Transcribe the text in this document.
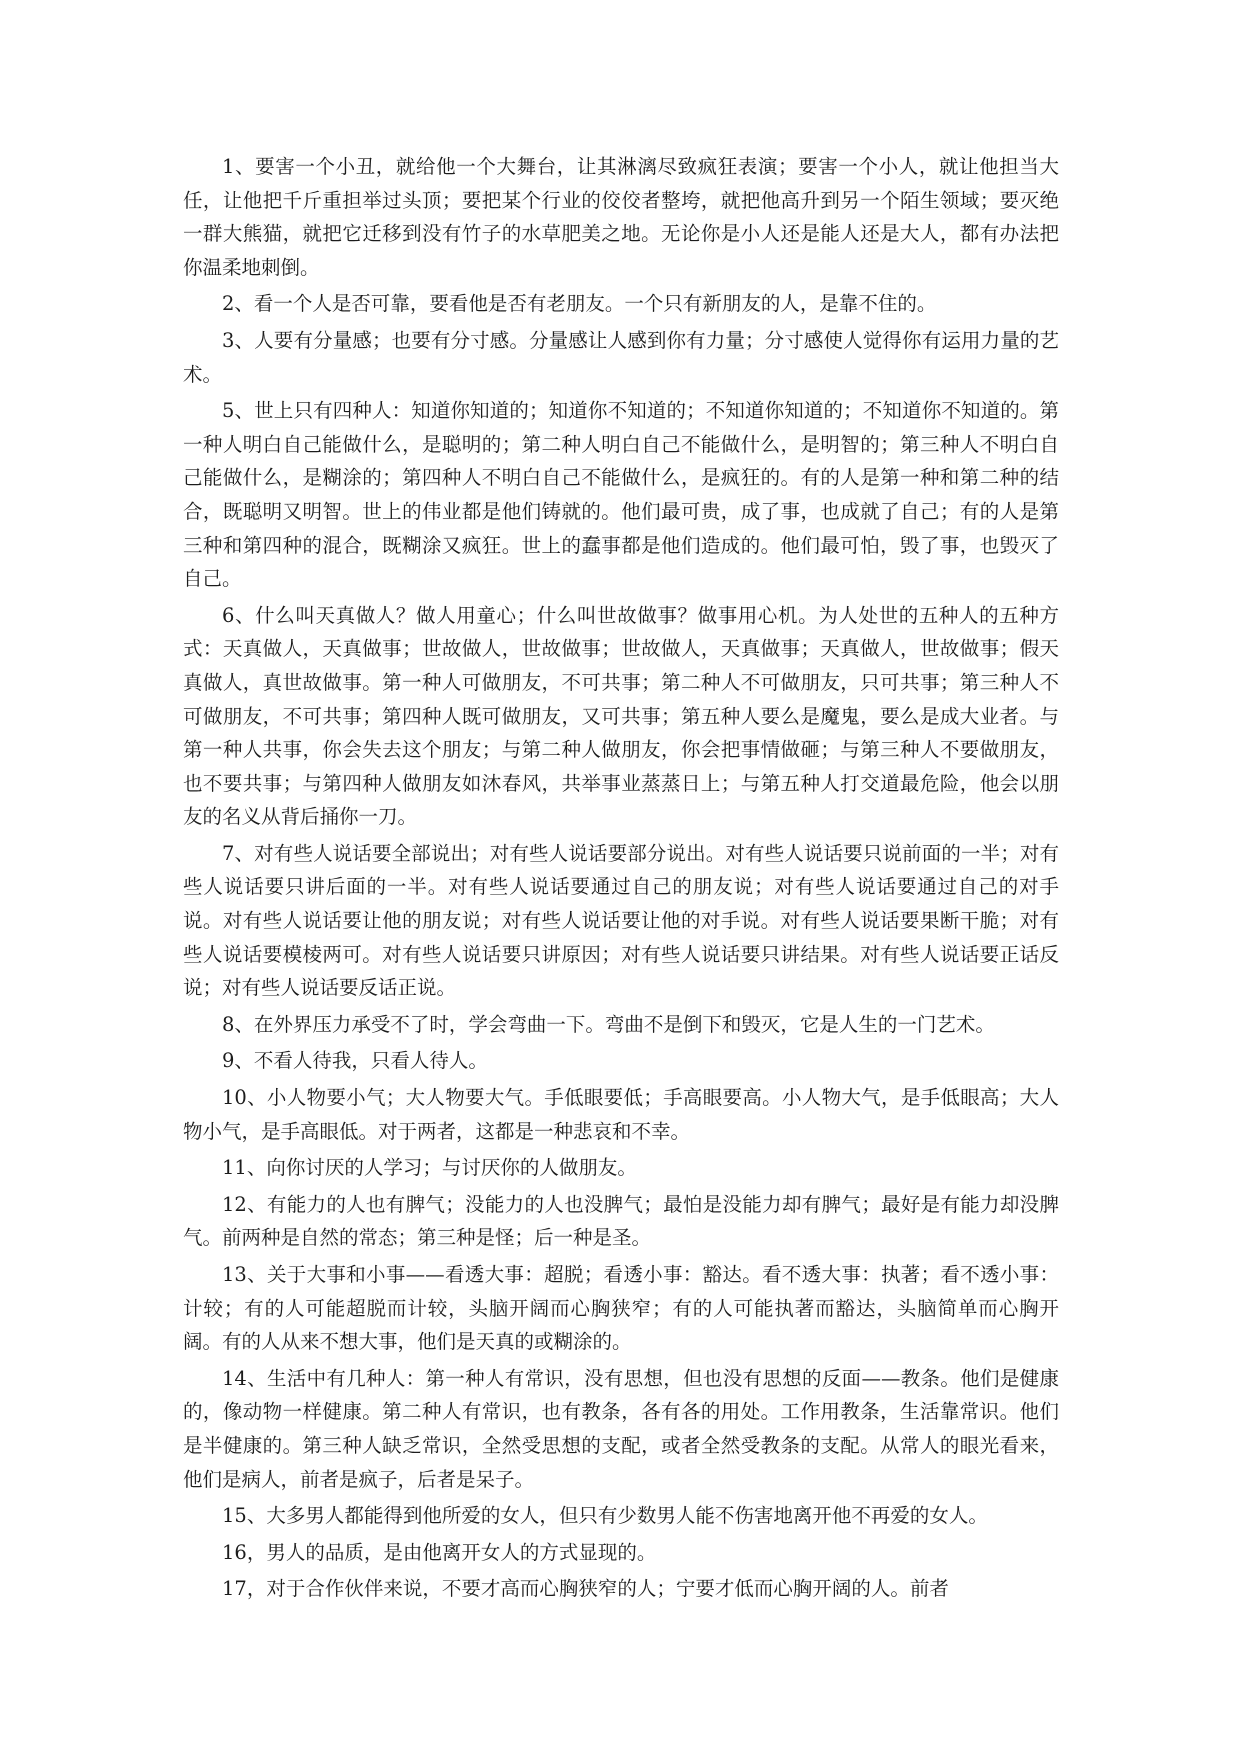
1、要害一个小丑，就给他一个大舞台，让其淋漓尽致疯狂表演；要害一个小人，就让他担当大任，让他把千斤重担举过头顶；要把某个行业的佼佼者整垮，就把他高升到另一个陌生领域；要灭绝一群大熊猫，就把它迁移到没有竹子的水草肥美之地。无论你是小人还是能人还是大人，都有办法把你温柔地刺倒。

2、看一个人是否可靠，要看他是否有老朋友。一个只有新朋友的人，是靠不住的。

3、人要有分量感；也要有分寸感。分量感让人感到你有力量；分寸感使人觉得你有运用力量的艺术。

5、世上只有四种人：知道你知道的；知道你不知道的；不知道你知道的；不知道你不知道的。第一种人明白自己能做什么，是聪明的；第二种人明白自己不能做什么，是明智的；第三种人不明白自己能做什么，是糊涂的；第四种人不明白自己不能做什么，是疯狂的。有的人是第一种和第二种的结合，既聪明又明智。世上的伟业都是他们铸就的。他们最可贵，成了事，也成就了自己；有的人是第三种和第四种的混合，既糊涂又疯狂。世上的蠢事都是他们造成的。他们最可怕，毁了事，也毁灭了自己。

6、什么叫天真做人？做人用童心；什么叫世故做事？做事用心机。为人处世的五种人的五种方式：天真做人，天真做事；世故做人，世故做事；世故做人，天真做事；天真做人，世故做事；假天真做人，真世故做事。第一种人可做朋友，不可共事；第二种人不可做朋友，只可共事；第三种人不可做朋友，不可共事；第四种人既可做朋友，又可共事；第五种人要么是魔鬼，要么是成大业者。与第一种人共事，你会失去这个朋友；与第二种人做朋友，你会把事情做砸；与第三种人不要做朋友，也不要共事；与第四种人做朋友如沐春风，共举事业蒸蒸日上；与第五种人打交道最危险，他会以朋友的名义从背后捅你一刀。

7、对有些人说话要全部说出；对有些人说话要部分说出。对有些人说话要只说前面的一半；对有些人说话要只讲后面的一半。对有些人说话要通过自己的朋友说；对有些人说话要通过自己的对手说。对有些人说话要让他的朋友说；对有些人说话要让他的对手说。对有些人说话要果断干脆；对有些人说话要模棱两可。对有些人说话要只讲原因；对有些人说话要只讲结果。对有些人说话要正话反说；对有些人说话要反话正说。

8、在外界压力承受不了时，学会弯曲一下。弯曲不是倒下和毁灭，它是人生的一门艺术。

9、不看人待我，只看人待人。

10、小人物要小气；大人物要大气。手低眼要低；手高眼要高。小人物大气，是手低眼高；大人物小气，是手高眼低。对于两者，这都是一种悲哀和不幸。

11、向你讨厌的人学习；与讨厌你的人做朋友。

12、有能力的人也有脾气；没能力的人也没脾气；最怕是没能力却有脾气；最好是有能力却没脾气。前两种是自然的常态；第三种是怪；后一种是圣。

13、关于大事和小事——看透大事：超脱；看透小事：豁达。看不透大事：执著；看不透小事：计较；有的人可能超脱而计较，头脑开阔而心胸狭窄；有的人可能执著而豁达，头脑简单而心胸开阔。有的人从来不想大事，他们是天真的或糊涂的。

14、生活中有几种人：第一种人有常识，没有思想，但也没有思想的反面——教条。他们是健康的，像动物一样健康。第二种人有常识，也有教条，各有各的用处。工作用教条，生活靠常识。他们是半健康的。第三种人缺乏常识，全然受思想的支配，或者全然受教条的支配。从常人的眼光看来，他们是病人，前者是疯子，后者是呆子。

15、大多男人都能得到他所爱的女人，但只有少数男人能不伤害地离开他不再爱的女人。

16，男人的品质，是由他离开女人的方式显现的。

17，对于合作伙伴来说，不要才高而心胸狭窄的人；宁要才低而心胸开阔的人。前者
